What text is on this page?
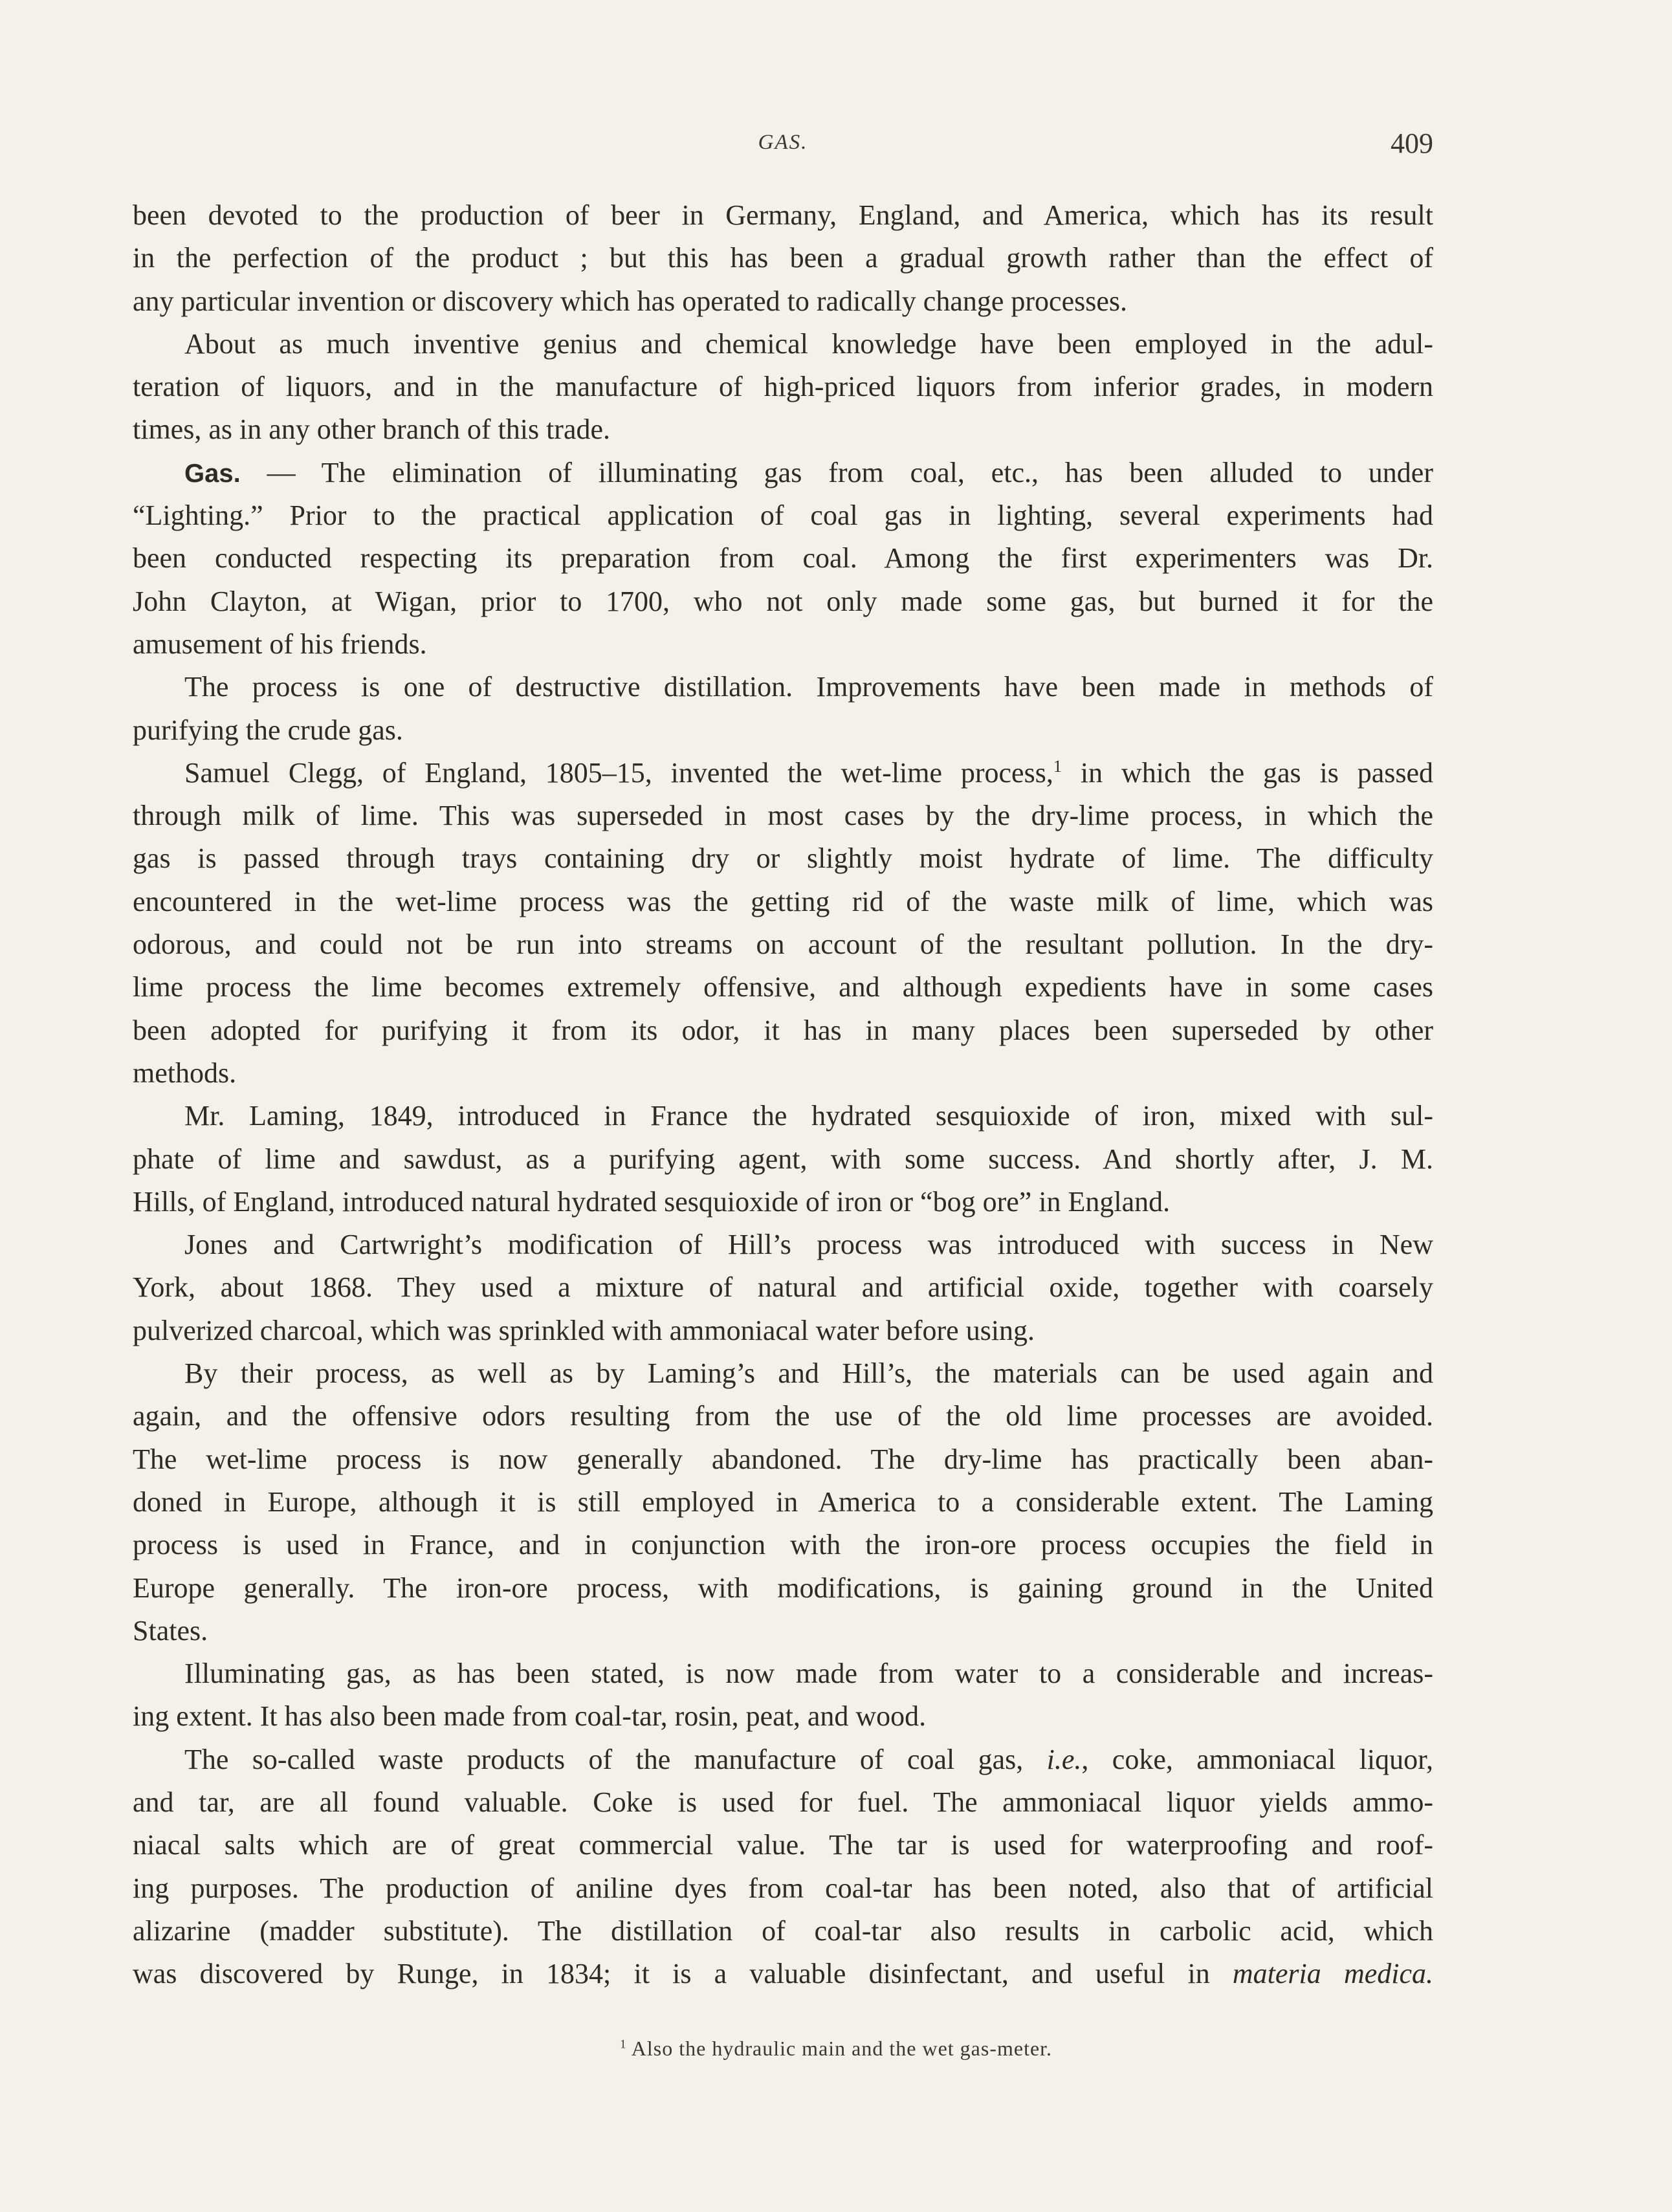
GAS.	409
been devoted to the production of beer in Germany, England, and America, which has its result
in the perfection of the product ; but this has been a gradual growth rather than the effect of
any particular invention or discovery which has operated to radically change processes.
About as much inventive genius and chemical knowledge have been employed in the adul-
teration of liquors, and in the manufacture of high-priced liquors from inferior grades, in modern
times, as in any other branch of this trade.
Gas. — The elimination of illuminating gas from coal, etc., has been alluded to under
“Lighting.” Prior to the practical application of coal gas in lighting, several experiments had
been conducted respecting its preparation from coal. Among the first experimenters was Dr.
John Clayton, at Wigan, prior to 1700, who not only made some gas, but burned it for the
amusement of his friends.
The process is one of destructive distillation. Improvements have been made in methods of
purifying the crude gas.
Samuel Clegg, of England, 1805–15, invented the wet-lime process,$^1$ in which the gas is passed
through milk of lime. This was superseded in most cases by the dry-lime process, in which the
gas is passed through trays containing dry or slightly moist hydrate of lime. The difficulty
encountered in the wet-lime process was the getting rid of the waste milk of lime, which was
odorous, and could not be run into streams on account of the resultant pollution. In the dry-
lime process the lime becomes extremely offensive, and although expedients have in some cases
been adopted for purifying it from its odor, it has in many places been superseded by other
methods.
Mr. Laming, 1849, introduced in France the hydrated sesquioxide of iron, mixed with sul-
phate of lime and sawdust, as a purifying agent, with some success. And shortly after, J. M.
Hills, of England, introduced natural hydrated sesquioxide of iron or “bog ore” in England.
Jones and Cartwright’s modification of Hill’s process was introduced with success in New
York, about 1868. They used a mixture of natural and artificial oxide, together with coarsely
pulverized charcoal, which was sprinkled with ammoniacal water before using.
By their process, as well as by Laming’s and Hill’s, the materials can be used again and
again, and the offensive odors resulting from the use of the old lime processes are avoided.
The wet-lime process is now generally abandoned. The dry-lime has practically been aban-
doned in Europe, although it is still employed in America to a considerable extent. The Laming
process is used in France, and in conjunction with the iron-ore process occupies the field in
Europe generally. The iron-ore process, with modifications, is gaining ground in the United
States.
Illuminating gas, as has been stated, is now made from water to a considerable and increas-
ing extent. It has also been made from coal-tar, rosin, peat, and wood.
The so-called waste products of the manufacture of coal gas, i.e., coke, ammoniacal liquor,
and tar, are all found valuable. Coke is used for fuel. The ammoniacal liquor yields ammo-
niacal salts which are of great commercial value. The tar is used for waterproofing and roof-
ing purposes. The production of aniline dyes from coal-tar has been noted, also that of artificial
alizarine (madder substitute). The distillation of coal-tar also results in carbolic acid, which
was discovered by Runge, in 1834; it is a valuable disinfectant, and useful in materia medica.
$^1$ Also the hydraulic main and the wet gas-meter.
